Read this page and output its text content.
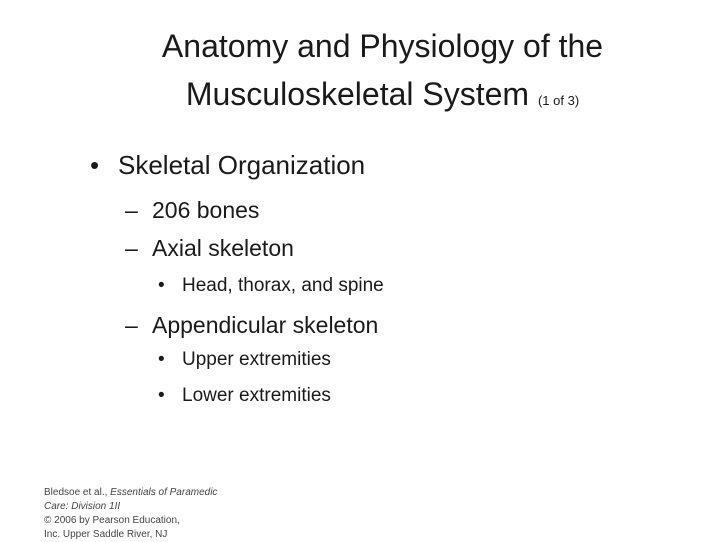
Anatomy and Physiology of the
Musculoskeletal System (1 of 3)
• Skeletal Organization
– 206 bones
– Axial skeleton
• Head, thorax, and spine
– Appendicular skeleton
• Upper extremities
• Lower extremities
Bledsoe et al., Essentials of Paramedic Care: Division 1II
© 2006 by Pearson Education,
Inc. Upper Saddle River, NJ
